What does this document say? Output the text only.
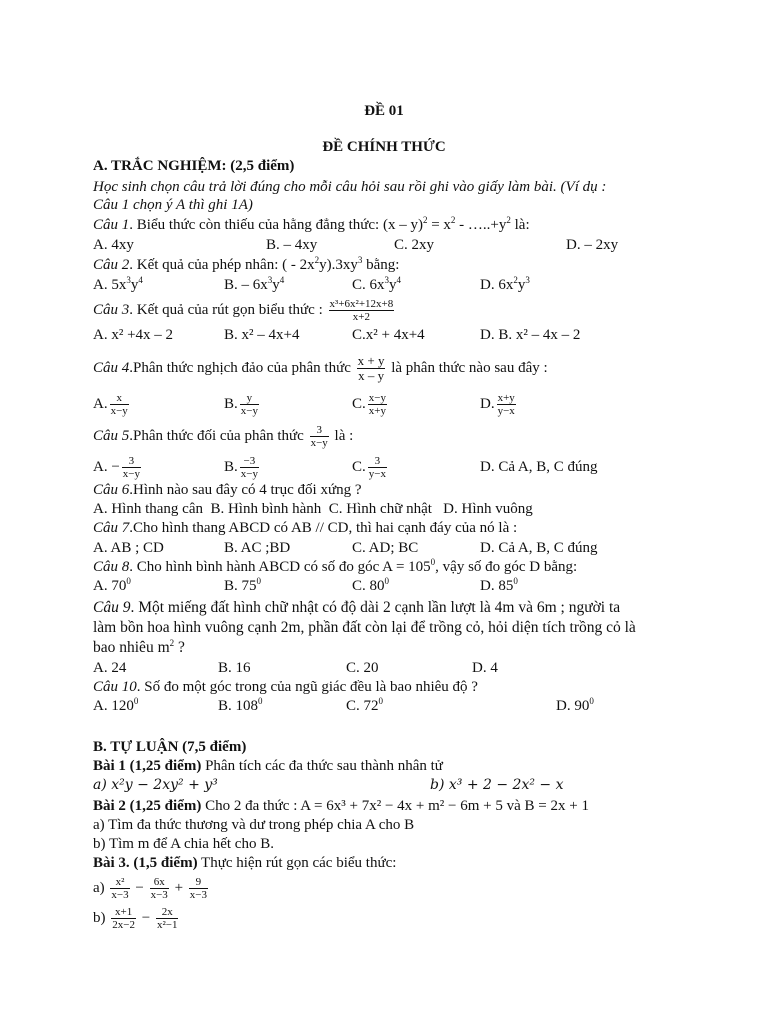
ĐỀ 01
ĐỀ CHÍNH THỨC
A. TRẮC NGHIỆM: (2,5 điểm)
Học sinh chọn câu trả lời đúng cho mỗi câu hỏi sau rồi ghi vào giấy làm bài. (Ví dụ :
Câu 1 chọn ý A thì ghi 1A)
Câu 1. Biểu thức còn thiếu của hằng đẳng thức: $(x - y)^2 = x^2$ - $\dots..+y^2$ là:
A. 4xy	B. – 4xy	C. 2xy	D. – 2xy
Câu 2. Kết quả của phép nhân: ( - $2x^2y).3xy^3$ bằng:
A. $5x^3y^4$	B. – $6x^3y^4$	C. $6x^3y^4$	D. $6x^2y^3$
Câu 3. Kết quả của rút gọn biểu thức : $\frac{\text{x³+6x²+12x+8}}{x+2}$
A. x² +4x – 2	B. x² – 4x+4	C.x² + 4x+4	D. B. x² – 4x – 2
Câu 4.Phân thức nghịch đảo của phân thức $\frac{x + y}{x - y}$ là phân thức nào sau đây :
A. $\frac{x}{x-y}$	B. $\frac{y}{x-y}$	C. $\frac{x-y}{x+y}$	D. $\frac{x+y}{y-x}$
Câu 5.Phân thức đối của phân thức $\frac{3}{x-y}$ là :
A. − $\frac{3}{x-y}$	B. $\frac{-3}{x-y}$	C. $\frac{3}{y-x}$	D. Cả A, B, C đúng
Câu 6.Hình nào sau đây có 4 trục đối xứng ?
A. Hình thang cân  B. Hình bình hành  C. Hình chữ nhật   D. Hình vuông
Câu 7.Cho hình thang ABCD có AB // CD, thì hai cạnh đáy của nó là :
A. AB ; CD	B. AC ;BD	C. AD; BC	D. Cả A, B, C đúng
Câu 8. Cho hình bình hành ABCD có số đo góc $A = 105^0$, vậy số đo góc D bằng:
A. $70^0$	B. $75^0$	C. $80^0$	D. $85^0$
Câu 9. Một miếng đất hình chữ nhật có độ dài 2 cạnh lần lượt là 4m và 6m ; người ta
làm bồn hoa hình vuông cạnh 2m, phần đất còn lại để trồng cỏ, hỏi diện tích trồng cỏ là
bao nhiêu $m^2$ ?
A. 24	B. 16	C. 20	D. 4
Câu 10. Số đo một góc trong của ngũ giác đều là bao nhiêu độ ?
A. $120^0$	B. $108^0$	C. $72^0$	D. $90^0$
B. TỰ LUẬN (7,5 điểm)
Bài 1 (1,25 điểm) Phân tích các đa thức sau thành nhân tử
a) x²y − 2xy² + y³	b) x³ + 2 − 2x² − x
Bài 2 (1,25 điểm) Cho 2 đa thức : A = 6x³ + 7x² − 4x + m² − 6m + 5 và B = 2x + 1
a) Tìm đa thức thương và dư trong phép chia A cho B
b) Tìm m để A chia hết cho B.
Bài 3. (1,5 điểm) Thực hiện rút gọn các biểu thức:
$a) \frac{\text{x²}}{x-3} - \frac{6x}{x-3} + \frac{9}{x-3}$
$b) \frac{x+1}{2x-2} - \frac{2x}{\text{x²−1}}$
